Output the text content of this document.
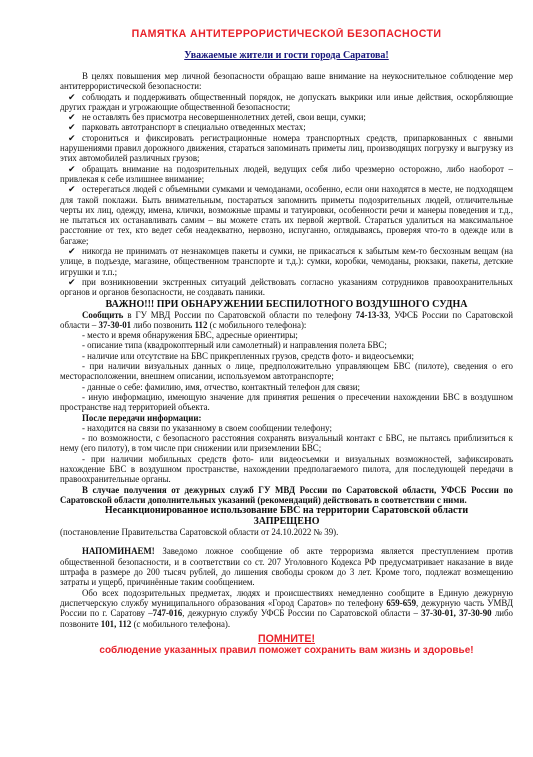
ПАМЯТКА АНТИТЕРРОРИСТИЧЕСКОЙ БЕЗОПАСНОСТИ
Уважаемые жители и гости города Саратова!

В целях повышения мер личной безопасности обращаю ваше внимание на неукоснительное соблюдение мер антитеррористической безопасности:

✔ соблюдать и поддерживать общественный порядок, не допускать выкрики или иные действия, оскорбляющие других граждан и угрожающие общественной безопасности;
✔ не оставлять без присмотра несовершеннолетних детей, свои вещи, сумки;
✔ парковать автотранспорт в специально отведенных местах;
✔ сторониться и фиксировать регистрационные номера транспортных средств, припаркованных с явными нарушениями правил дорожного движения, стараться запоминать приметы лиц, производящих погрузку и выгрузку из этих автомобилей различных грузов;
✔ обращать внимание на подозрительных людей, ведущих себя либо чрезмерно осторожно, либо наоборот – привлекая к себе излишнее внимание;
✔ остерегаться людей с объемными сумками и чемоданами, особенно, если они находятся в месте, не подходящем для такой поклажи. Быть внимательным, постараться запомнить приметы подозрительных людей, отличительные черты их лиц, одежду, имена, клички, возможные шрамы и татуировки, особенности речи и манеры поведения и т.д., не пытаться их останавливать самим – вы можете стать их первой жертвой. Стараться удалиться на максимальное расстояние от тех, кто ведет себя неадекватно, нервозно, испуганно, оглядываясь, проверяя что-то в одежде или в багаже;
✔ никогда не принимать от незнакомцев пакеты и сумки, не прикасаться к забытым кем-то бесхозным вещам (на улице, в подъезде, магазине, общественном транспорте и т.д.): сумки, коробки, чемоданы, рюкзаки, пакеты, детские игрушки и т.п.;
✔ при возникновении экстренных ситуаций действовать согласно указаниям сотрудников правоохранительных органов и органов безопасности, не создавать паники.
ВАЖНО!!! ПРИ ОБНАРУЖЕНИИ БЕСПИЛОТНОГО ВОЗДУШНОГО СУДНА

Сообщить в ГУ МВД России по Саратовской области по телефону 74-13-33, УФСБ России по Саратовской области – 37-30-01 либо позвонить 112 (с мобильного телефона):

- место и время обнаружения БВС, адресные ориентиры;

- описание типа (квадрокоптерный или самолетный) и направления полета БВС;

- наличие или отсутствие на БВС прикрепленных грузов, средств фото- и видеосъемки;

- при наличии визуальных данных о лице, предположительно управляющем БВС (пилоте), сведения о его месторасположении, внешнем описании, используемом автотранспорте;

- данные о себе: фамилию, имя, отчество, контактный телефон для связи;

- иную информацию, имеющую значение для принятия решения о пресечении нахождении БВС в воздушном пространстве над территорией объекта.

После передачи информации:

- находится на связи по указанному в своем сообщении телефону;

- по возможности, с безопасного расстояния сохранять визуальный контакт с БВС, не пытаясь приблизиться к нему (его пилоту), в том числе при снижении или приземлении БВС;

- при наличии мобильных средств фото- или видеосъемки и визуальных возможностей, зафиксировать нахождение БВС в воздушном пространстве, нахождении предполагаемого пилота, для последующей передачи в правоохранительные органы.

В случае получения от дежурных служб ГУ МВД России по Саратовской области, УФСБ России по Саратовской области дополнительных указаний (рекомендаций) действовать в соответствии с ними.

Несанкционированное использование БВС на территории Саратовской области
ЗАПРЕЩЕНО

(постановление Правительства Саратовской области от 24.10.2022 № 39).

НАПОМИНАЕМ! Заведомо ложное сообщение об акте терроризма является преступлением против общественной безопасности, и в соответствии со ст. 207 Уголовного Кодекса РФ предусматривает наказание в виде штрафа в размере до 200 тысяч рублей, до лишения свободы сроком до 3 лет. Кроме того, подлежат возмещению затраты и ущерб, причинённые таким сообщением.

Обо всех подозрительных предметах, людях и происшествиях немедленно сообщите в Единую дежурную диспетчерскую службу муниципального образования «Город Саратов» по телефону 659-659, дежурную часть УМВД России по г. Саратову –747-016, дежурную службу УФСБ России по Саратовской области – 37-30-01, 37-30-90 либо позвоните 101, 112 (с мобильного телефона).

ПОМНИТЕ!
соблюдение указанных правил поможет сохранить вам жизнь и здоровье!
